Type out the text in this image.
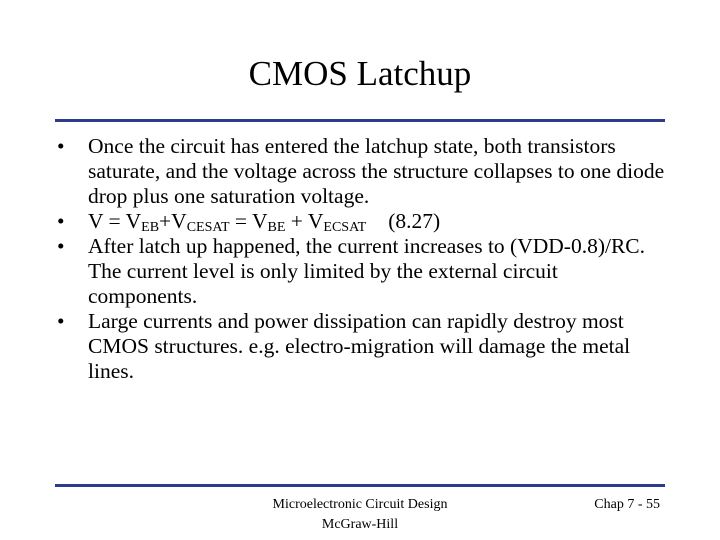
CMOS Latchup
• Once the circuit has entered the latchup state, both transistors saturate, and the voltage across the structure collapses to one diode drop plus one saturation voltage.
• $V = V_{EB}+V_{CESAT} = V_{BE} + V_{ECSAT}$ (8.27)
• After latch up happened, the current increases to (VDD-0.8)/RC. The current level is only limited by the external circuit components.
• Large currents and power dissipation can rapidly destroy most CMOS structures. e.g. electro-migration will damage the metal lines.
Microelectronic Circuit Design
McGraw-Hill
Chap 7 - 55
